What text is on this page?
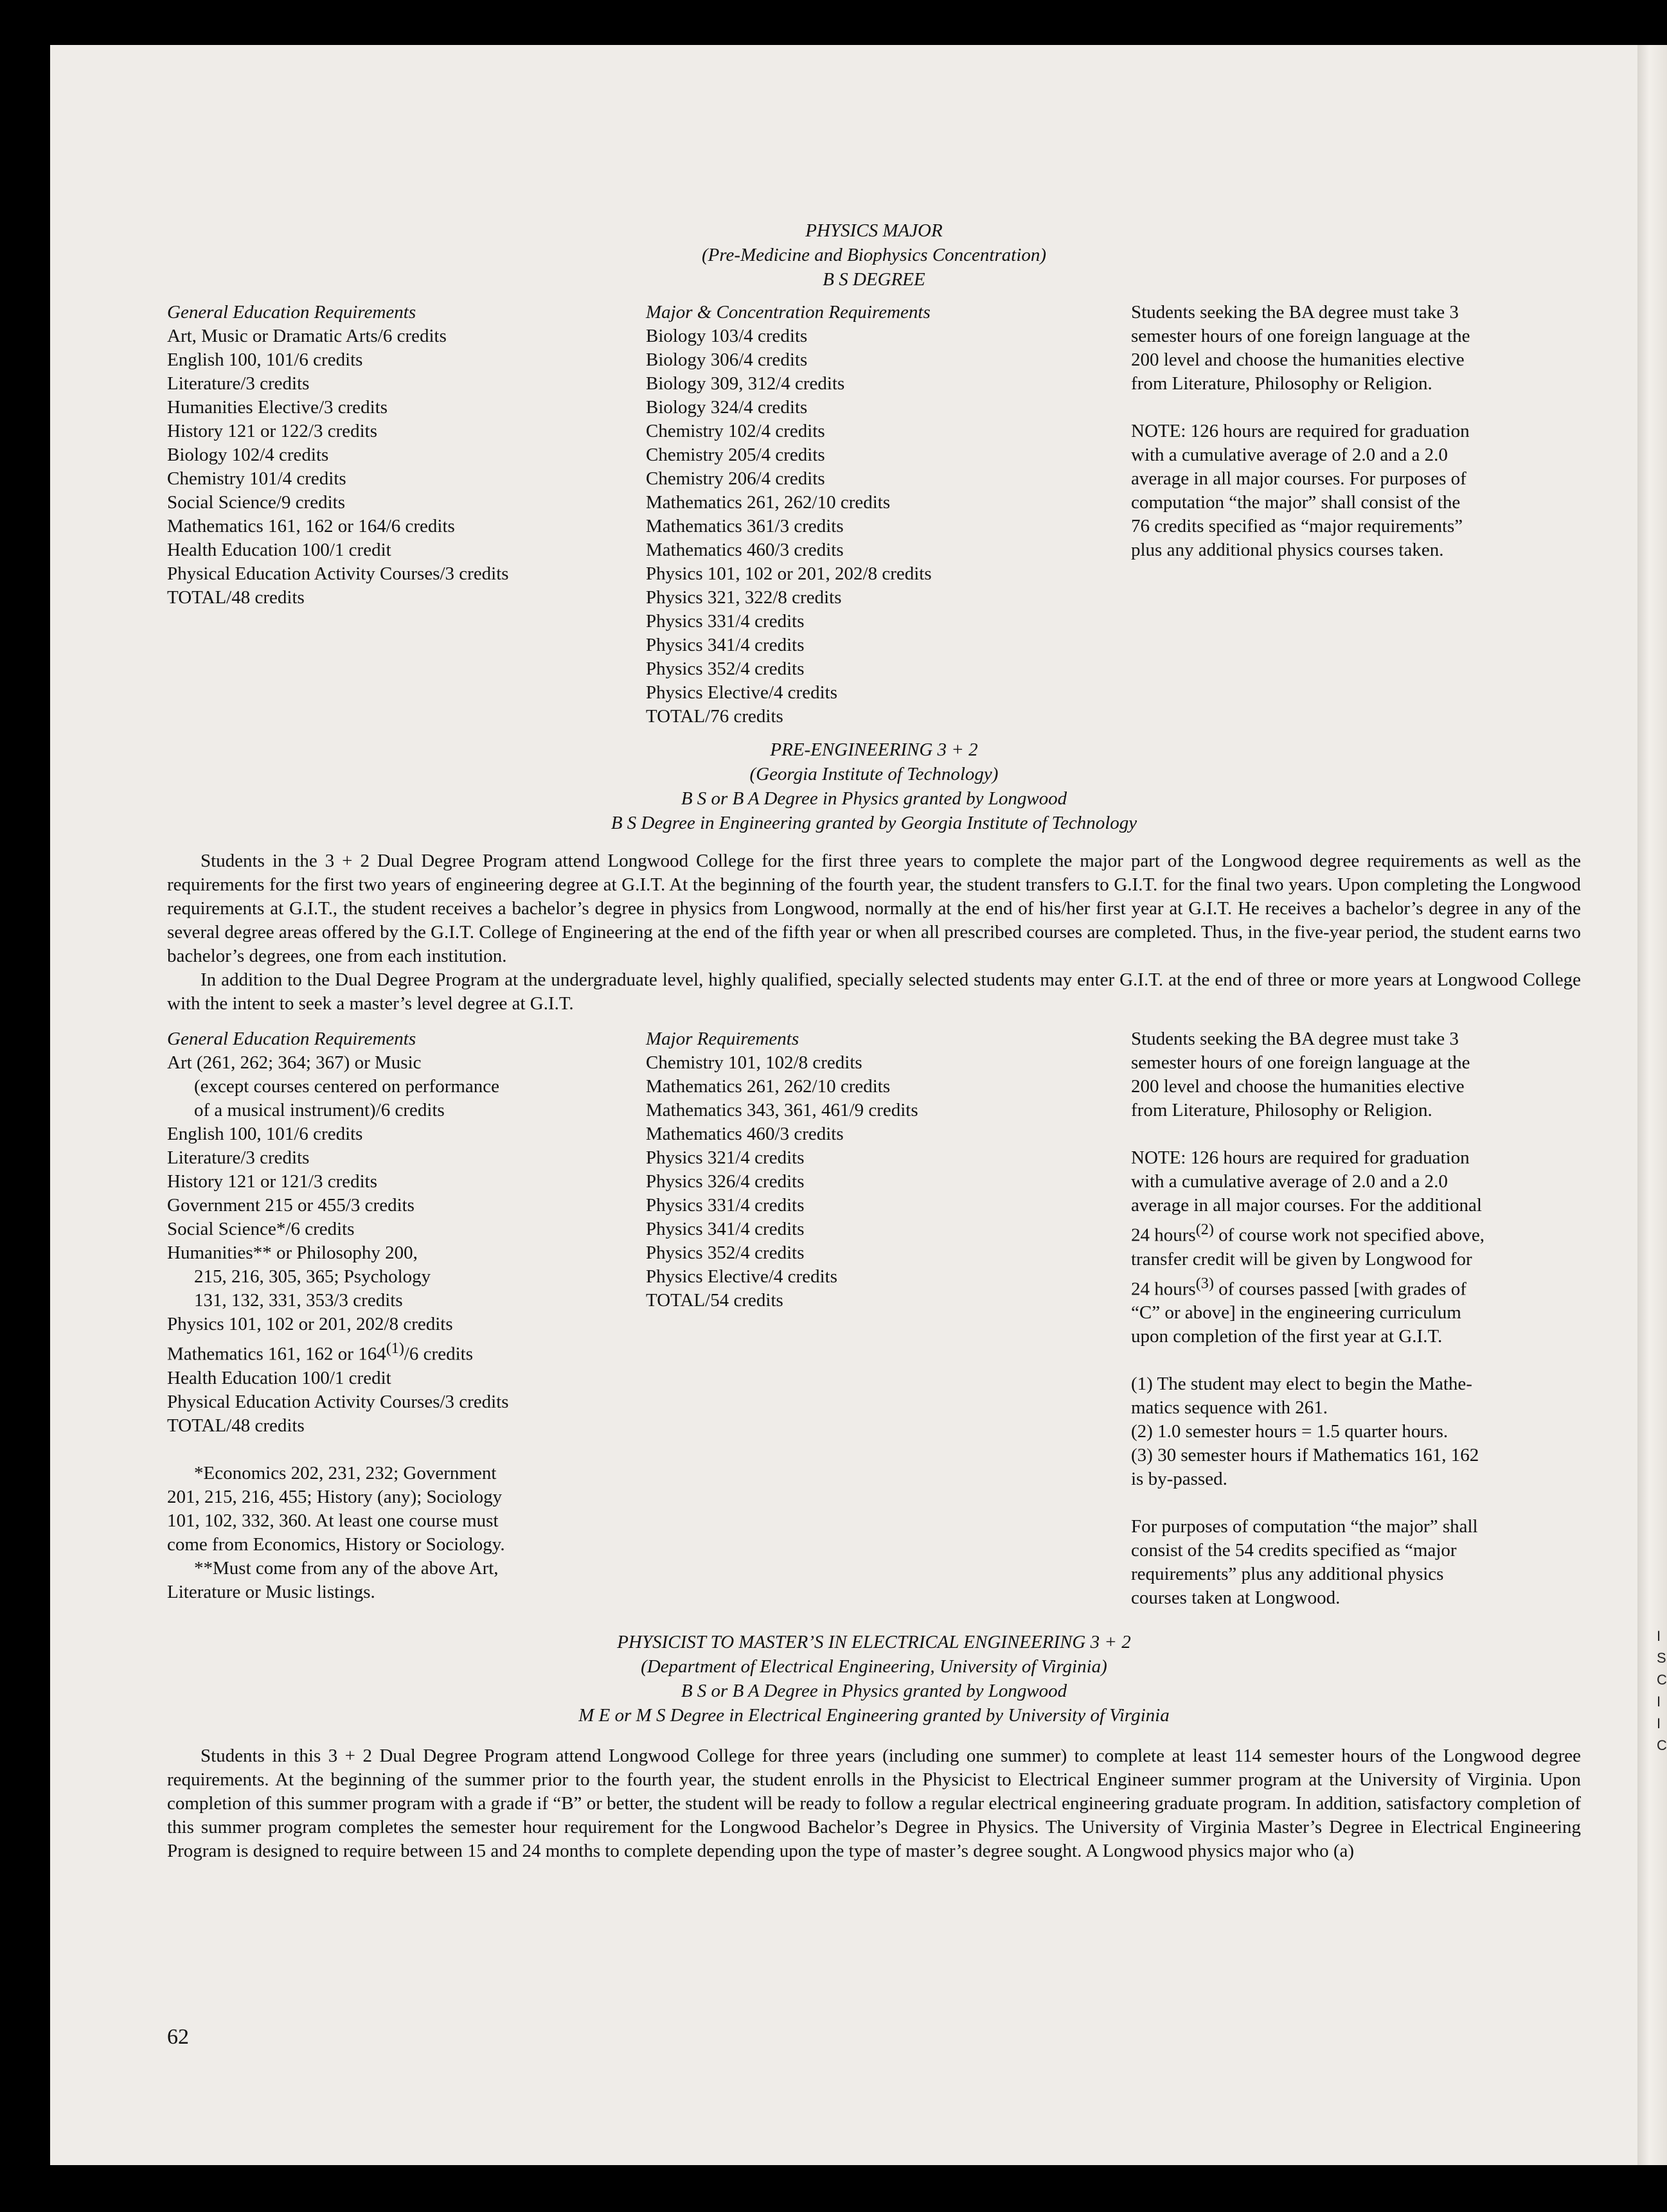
I
S
C
I
I
C
PHYSICS MAJOR
(Pre-Medicine and Biophysics Concentration)
B S DEGREE
General Education Requirements
Art, Music or Dramatic Arts/6 credits
English 100, 101/6 credits
Literature/3 credits
Humanities Elective/3 credits
History 121 or 122/3 credits
Biology 102/4 credits
Chemistry 101/4 credits
Social Science/9 credits
Mathematics 161, 162 or 164/6 credits
Health Education 100/1 credit
Physical Education Activity Courses/3 credits
TOTAL/48 credits
Major & Concentration Requirements
Biology 103/4 credits
Biology 306/4 credits
Biology 309, 312/4 credits
Biology 324/4 credits
Chemistry 102/4 credits
Chemistry 205/4 credits
Chemistry 206/4 credits
Mathematics 261, 262/10 credits
Mathematics 361/3 credits
Mathematics 460/3 credits
Physics 101, 102 or 201, 202/8 credits
Physics 321, 322/8 credits
Physics 331/4 credits
Physics 341/4 credits
Physics 352/4 credits
Physics Elective/4 credits
TOTAL/76 credits
Students seeking the BA degree must take 3
semester hours of one foreign language at the
200 level and choose the humanities elective
from Literature, Philosophy or Religion.
NOTE: 126 hours are required for graduation
with a cumulative average of 2.0 and a 2.0
average in all major courses. For purposes of
computation “the major” shall consist of the
76 credits specified as “major requirements”
plus any additional physics courses taken.
PRE-ENGINEERING 3 + 2
(Georgia Institute of Technology)
B S or B A Degree in Physics granted by Longwood
B S Degree in Engineering granted by Georgia Institute of Technology

Students in the 3 + 2 Dual Degree Program attend Longwood College for the first three years to complete the major part of the Longwood degree requirements as well as the requirements for the first two years of engineering degree at G.I.T. At the beginning of the fourth year, the student transfers to G.I.T. for the final two years. Upon completing the Longwood requirements at G.I.T., the student receives a bachelor’s degree in physics from Longwood, normally at the end of his/her first year at G.I.T. He receives a bachelor’s degree in any of the several degree areas offered by the G.I.T. College of Engineering at the end of the fifth year or when all prescribed courses are completed. Thus, in the five-year period, the student earns two bachelor’s degrees, one from each institution.

In addition to the Dual Degree Program at the undergraduate level, highly qualified, specially selected students may enter G.I.T. at the end of three or more years at Longwood College with the intent to seek a master’s level degree at G.I.T.

General Education Requirements
Art (261, 262; 364; 367) or Music
(except courses centered on performance
of a musical instrument)/6 credits
English 100, 101/6 credits
Literature/3 credits
History 121 or 121/3 credits
Government 215 or 455/3 credits
Social Science*/6 credits
Humanities** or Philosophy 200,
215, 216, 305, 365; Psychology
131, 132, 331, 353/3 credits
Physics 101, 102 or 201, 202/8 credits
Mathematics 161, 162 or 164$^{(1)}$/6 credits
Health Education 100/1 credit
Physical Education Activity Courses/3 credits
TOTAL/48 credits
*Economics 202, 231, 232; Government
201, 215, 216, 455; History (any); Sociology
101, 102, 332, 360. At least one course must
come from Economics, History or Sociology.
**Must come from any of the above Art,
Literature or Music listings.
Major Requirements
Chemistry 101, 102/8 credits
Mathematics 261, 262/10 credits
Mathematics 343, 361, 461/9 credits
Mathematics 460/3 credits
Physics 321/4 credits
Physics 326/4 credits
Physics 331/4 credits
Physics 341/4 credits
Physics 352/4 credits
Physics Elective/4 credits
TOTAL/54 credits
Students seeking the BA degree must take 3
semester hours of one foreign language at the
200 level and choose the humanities elective
from Literature, Philosophy or Religion.
NOTE: 126 hours are required for graduation
with a cumulative average of 2.0 and a 2.0
average in all major courses. For the additional
24 hours$^{(2)}$ of course work not specified above,
transfer credit will be given by Longwood for
24 hours$^{(3)}$ of courses passed [with grades of
“C” or above] in the engineering curriculum
upon completion of the first year at G.I.T.
(1) The student may elect to begin the Mathe-
matics sequence with 261.
(2) 1.0 semester hours = 1.5 quarter hours.
(3) 30 semester hours if Mathematics 161, 162
is by-passed.
For purposes of computation “the major” shall
consist of the 54 credits specified as “major
requirements” plus any additional physics
courses taken at Longwood.
PHYSICIST TO MASTER’S IN ELECTRICAL ENGINEERING 3 + 2
(Department of Electrical Engineering, University of Virginia)
B S or B A Degree in Physics granted by Longwood
M E or M S Degree in Electrical Engineering granted by University of Virginia

Students in this 3 + 2 Dual Degree Program attend Longwood College for three years (including one summer) to complete at least 114 semester hours of the Longwood degree requirements. At the beginning of the summer prior to the fourth year, the student enrolls in the Physicist to Electrical Engineer summer program at the University of Virginia. Upon completion of this summer program with a grade if “B” or better, the student will be ready to follow a regular electrical engineering graduate program. In addition, satisfactory completion of this summer program completes the semester hour requirement for the Longwood Bachelor’s Degree in Physics. The University of Virginia Master’s Degree in Electrical Engineering Program is designed to require between 15 and 24 months to complete depending upon the type of master’s degree sought. A Longwood physics major who (a)

62
